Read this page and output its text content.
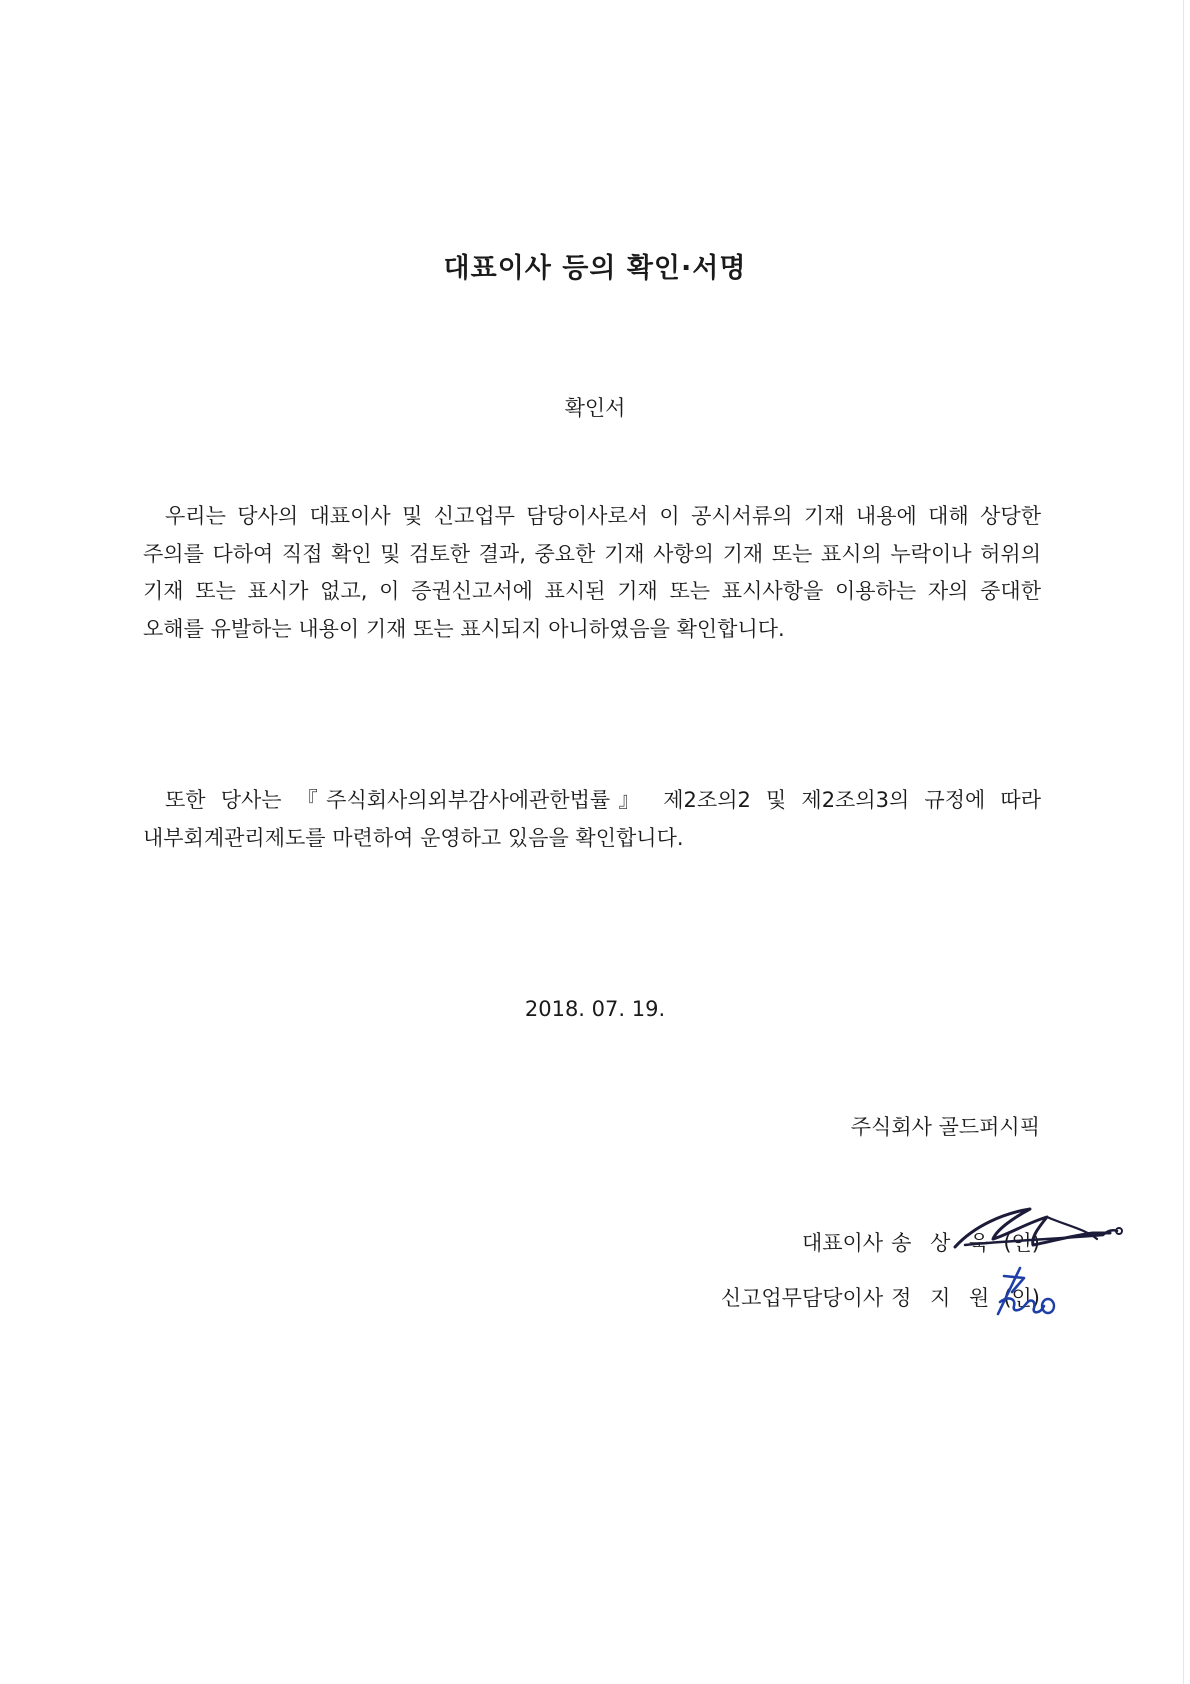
대표이사 등의 확인·서명
확인서
우리는 당사의 대표이사 및 신고업무 담당이사로서 이 공시서류의 기재 내용에 대해 상당한 주의를 다하여 직접 확인 및 검토한 결과, 중요한 기재 사항의 기재 또는 표시의 누락이나 허위의 기재 또는 표시가 없고, 이 증권신고서에 표시된 기재 또는 표시사항을 이용하는 자의 중대한 오해를 유발하는 내용이 기재 또는 표시되지 아니하였음을 확인합니다.
또한 당사는 『주식회사의외부감사에관한법률』 제2조의2 및 제2조의3의 규정에 따라 내부회계관리제도를 마련하여 운영하고 있음을 확인합니다.
2018. 07. 19.
주식회사 골드퍼시픽
대표이사 송 상 욱 (인)
신고업무담당이사 정 지 원 (인)
